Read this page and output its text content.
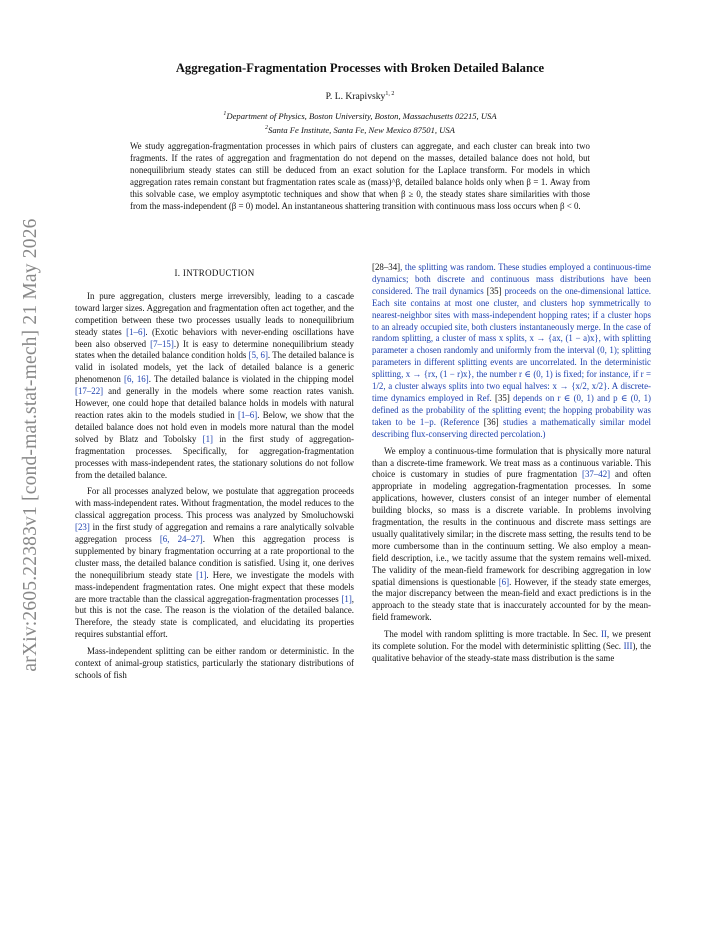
arXiv:2605.22383v1 [cond-mat.stat-mech] 21 May 2026
Aggregation-Fragmentation Processes with Broken Detailed Balance
P. L. Krapivsky$^{1, 2}$
$^1$Department of Physics, Boston University, Boston, Massachusetts 02215, USA
$^2$Santa Fe Institute, Santa Fe, New Mexico 87501, USA
We study aggregation-fragmentation processes in which pairs of clusters can aggregate, and each cluster can break into two fragments. If the rates of aggregation and fragmentation do not depend on the masses, detailed balance does not hold, but nonequilibrium steady states can still be deduced from an exact solution for the Laplace transform. For models in which aggregation rates remain constant but fragmentation rates scale as (mass)^β, detailed balance holds only when β = 1. Away from this solvable case, we employ asymptotic techniques and show that when β ≥ 0, the steady states share similarities with those from the mass-independent (β = 0) model. An instantaneous shattering transition with continuous mass loss occurs when β < 0.
I. INTRODUCTION

In pure aggregation, clusters merge irreversibly, leading to a cascade toward larger sizes. Aggregation and fragmentation often act together, and the competition between these two processes usually leads to nonequilibrium steady states [1–6]. (Exotic behaviors with never-ending oscillations have been also observed [7–15].) It is easy to determine nonequilibrium steady states when the detailed balance condition holds [5, 6]. The detailed balance is valid in isolated models, yet the lack of detailed balance is a generic phenomenon [6, 16]. The detailed balance is violated in the chipping model [17–22] and generally in the models where some reaction rates vanish. However, one could hope that detailed balance holds in models with natural reaction rates akin to the models studied in [1–6]. Below, we show that the detailed balance does not hold even in models more natural than the model solved by Blatz and Tobolsky [1] in the first study of aggregation-fragmentation processes. Specifically, for aggregation-fragmentation processes with mass-independent rates, the stationary solutions do not follow from the detailed balance.

For all processes analyzed below, we postulate that aggregation proceeds with mass-independent rates. Without fragmentation, the model reduces to the classical aggregation process. This process was analyzed by Smoluchowski [23] in the first study of aggregation and remains a rare analytically solvable aggregation process [6, 24–27]. When this aggregation process is supplemented by binary fragmentation occurring at a rate proportional to the cluster mass, the detailed balance condition is satisfied. Using it, one derives the nonequilibrium steady state [1]. Here, we investigate the models with mass-independent fragmentation rates. One might expect that these models are more tractable than the classical aggregation-fragmentation processes [1], but this is not the case. The reason is the violation of the detailed balance. Therefore, the steady state is complicated, and elucidating its properties requires substantial effort.

Mass-independent splitting can be either random or deterministic. In the context of animal-group statistics, particularly the stationary distributions of schools of fish

[28–34], the splitting was random. These studies employed a continuous-time dynamics; both discrete and continuous mass distributions have been considered. The trail dynamics [35] proceeds on the one-dimensional lattice. Each site contains at most one cluster, and clusters hop symmetrically to nearest-neighbor sites with mass-independent hopping rates; if a cluster hops to an already occupied site, both clusters instantaneously merge. In the case of random splitting, a cluster of mass x splits, x → {ax, (1 − a)x}, with splitting parameter a chosen randomly and uniformly from the interval (0, 1); splitting parameters in different splitting events are uncorrelated. In the deterministic splitting, x → {rx, (1 − r)x}, the number r ∈ (0, 1) is fixed; for instance, if r = 1/2, a cluster always splits into two equal halves: x → {x/2, x/2}. A discrete-time dynamics employed in Ref. [35] depends on r ∈ (0, 1) and p ∈ (0, 1) defined as the probability of the splitting event; the hopping probability was taken to be 1−p. (Reference [36] studies a mathematically similar model describing flux-conserving directed percolation.)

We employ a continuous-time formulation that is physically more natural than a discrete-time framework. We treat mass as a continuous variable. This choice is customary in studies of pure fragmentation [37–42] and often appropriate in modeling aggregation-fragmentation processes. In some applications, however, clusters consist of an integer number of elemental building blocks, so mass is a discrete variable. In problems involving fragmentation, the results in the continuous and discrete mass settings are usually qualitatively similar; in the discrete mass setting, the results tend to be more cumbersome than in the continuum setting. We also employ a mean-field description, i.e., we tacitly assume that the system remains well-mixed. The validity of the mean-field framework for describing aggregation in low spatial dimensions is questionable [6]. However, if the steady state emerges, the major discrepancy between the mean-field and exact predictions is in the approach to the steady state that is inaccurately accounted for by the mean-field framework.

The model with random splitting is more tractable. In Sec. II, we present its complete solution. For the model with deterministic splitting (Sec. III), the qualitative behavior of the steady-state mass distribution is the same
